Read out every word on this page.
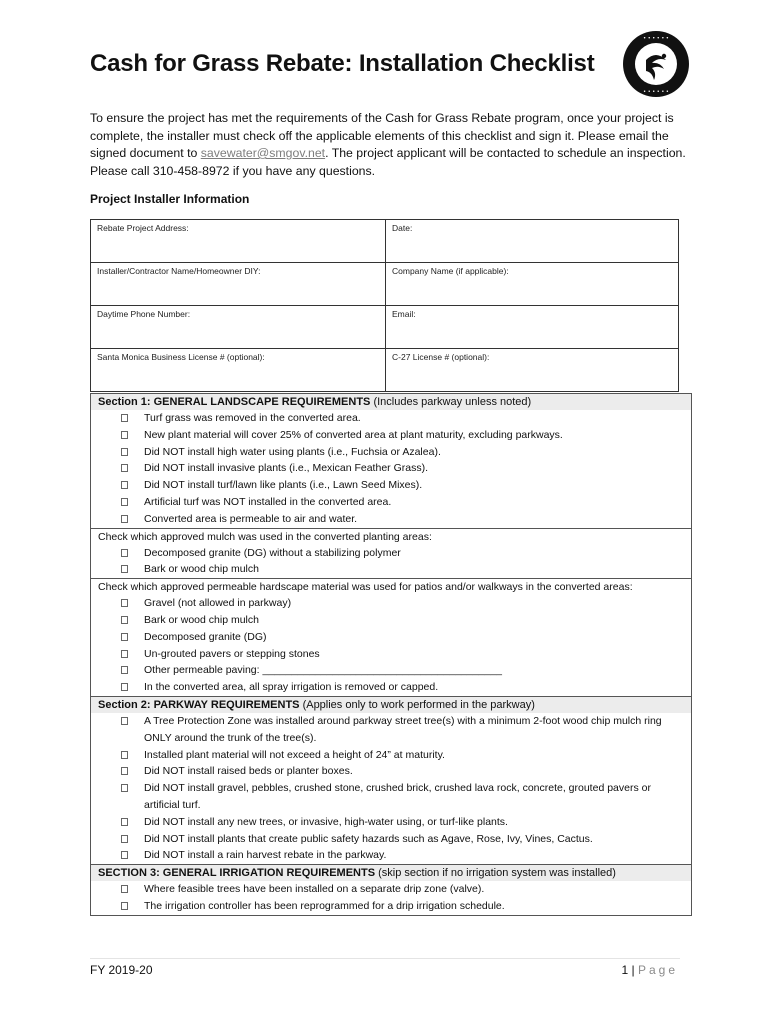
Cash for Grass Rebate: Installation Checklist
• • • • • •
• • • • • •

To ensure the project has met the requirements of the Cash for Grass Rebate program, once your project is complete, the installer must check off the applicable elements of this checklist and sign it. Please email the signed document to savewater@smgov.net. The project applicant will be contacted to schedule an inspection. Please call 310-458-8972 if you have any questions.

Project Installer Information
Rebate Project Address:	Date:
Installer/Contractor Name/Homeowner DIY:	Company Name (if applicable):
Daytime Phone Number:	Email:
Santa Monica Business License # (optional):	C-27 License # (optional):
Section 1: GENERAL LANDSCAPE REQUIREMENTS (Includes parkway unless noted)
Turf grass was removed in the converted area.
New plant material will cover 25% of converted area at plant maturity, excluding parkways.
Did NOT install high water using plants (i.e., Fuchsia or Azalea).
Did NOT install invasive plants (i.e., Mexican Feather Grass).
Did NOT install turf/lawn like plants (i.e., Lawn Seed Mixes).
Artificial turf was NOT installed in the converted area.
Converted area is permeable to air and water.
Check which approved mulch was used in the converted planting areas:
Decomposed granite (DG) without a stabilizing polymer
Bark or wood chip mulch
Check which approved permeable hardscape material was used for patios and/or walkways in the converted areas:
Gravel (not allowed in parkway)
Bark or wood chip mulch
Decomposed granite (DG)
Un-grouted pavers or stepping stones
Other permeable paving: _________________________________________
In the converted area, all spray irrigation is removed or capped.
Section 2: PARKWAY REQUIREMENTS (Applies only to work performed in the parkway)
A Tree Protection Zone was installed around parkway street tree(s) with a minimum 2-foot wood chip mulch ring ONLY around the trunk of the tree(s).
Installed plant material will not exceed a height of 24” at maturity.
Did NOT install raised beds or planter boxes.
Did NOT install gravel, pebbles, crushed stone, crushed brick, crushed lava rock, concrete, grouted pavers or artificial turf.
Did NOT install any new trees, or invasive, high-water using, or turf-like plants.
Did NOT install plants that create public safety hazards such as Agave, Rose, Ivy, Vines, Cactus.
Did NOT install a rain harvest rebate in the parkway.
SECTION 3: GENERAL IRRIGATION REQUIREMENTS (skip section if no irrigation system was installed)
Where feasible trees have been installed on a separate drip zone (valve).
The irrigation controller has been reprogrammed for a drip irrigation schedule.
FY 2019-20	1 | Page
